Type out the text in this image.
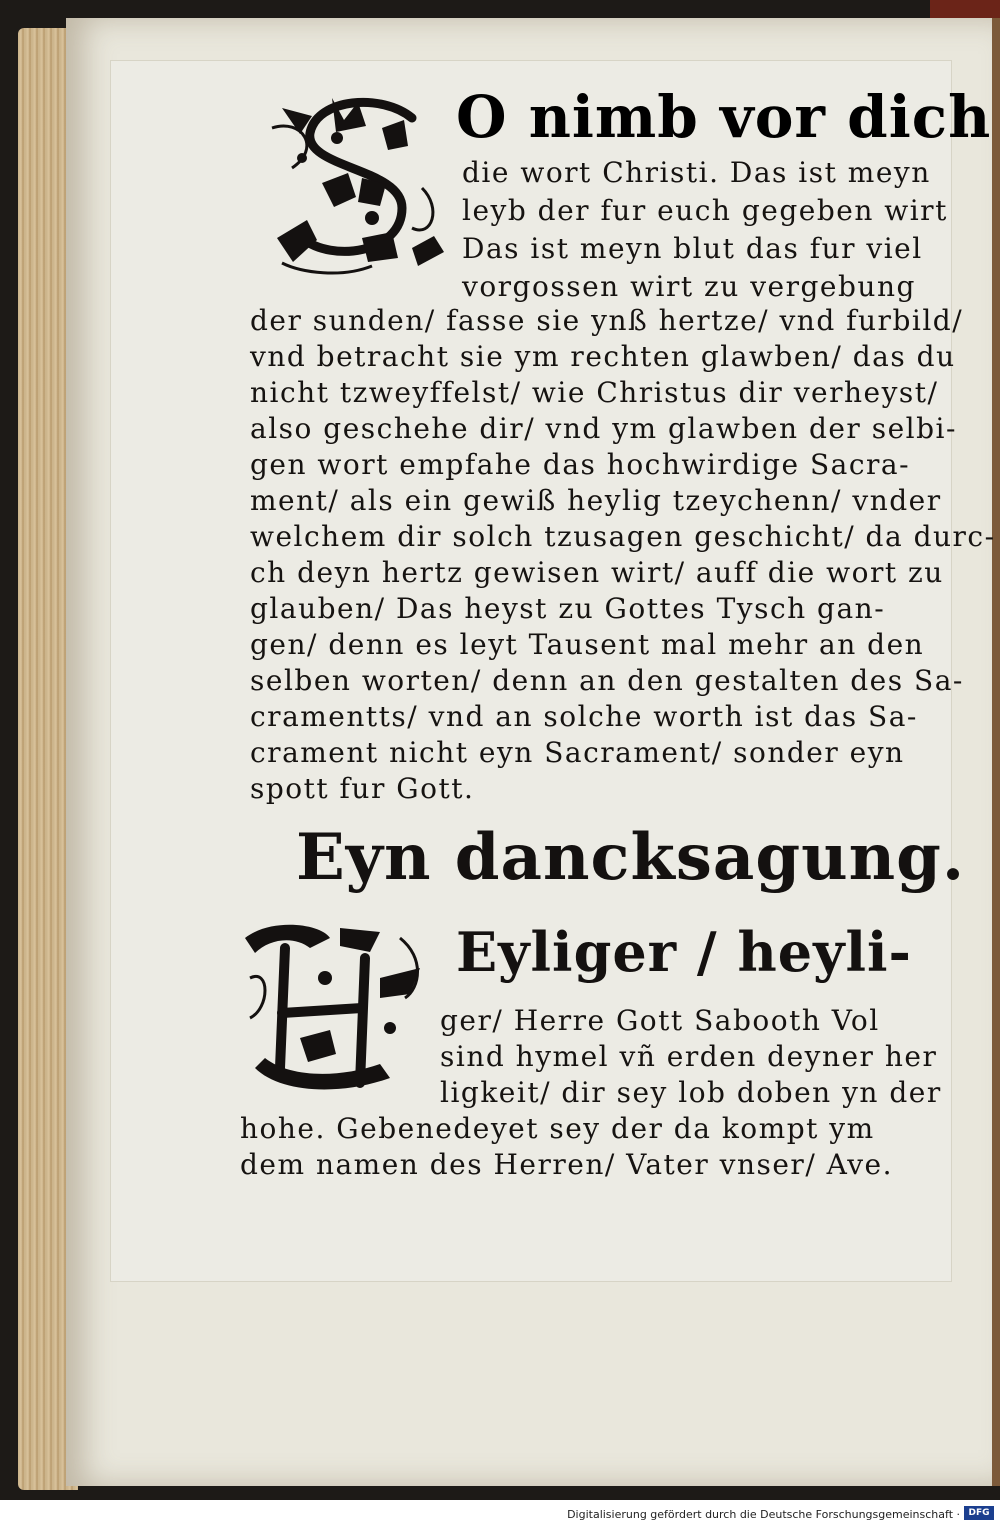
O nimb vor dich
die wort Christi. Das ist meyn
leyb der fur euch gegeben wirt
Das ist meyn blut das fur viel
vorgossen wirt zu vergebung
der sunden/ fasse sie ynß hertze/ vnd furbild/
vnd betracht sie ym rechten glawben/ das du
nicht tzweyffelst/ wie Christus dir verheyst/
also geschehe dir/ vnd ym glawben der selbi-
gen wort empfahe das hochwirdige Sacra-
ment/ als ein gewiß heylig tzeychenn/ vnder
welchem dir solch tzusagen geschicht/ da durc-
ch deyn hertz gewisen wirt/ auff die wort zu
glauben/ Das heyst zu Gottes Tysch gan-
gen/ denn es leyt Tausent mal mehr an den
selben worten/ denn an den gestalten des Sa-
cramentts/ vnd an solche worth ist das Sa-
crament nicht eyn Sacrament/ sonder eyn
spott fur Gott.
Eyn dancksagung.
Eyliger / heyli-
ger/ Herre Gott Sabooth Vol
sind hymel vñ erden deyner her
ligkeit/ dir sey lob doben yn der
hohe. Gebenedeyet sey der da kompt ym
dem namen des Herren/ Vater vnser/ Ave.
Digitalisierung gefördert durch die Deutsche Forschungsgemeinschaft · DFG
